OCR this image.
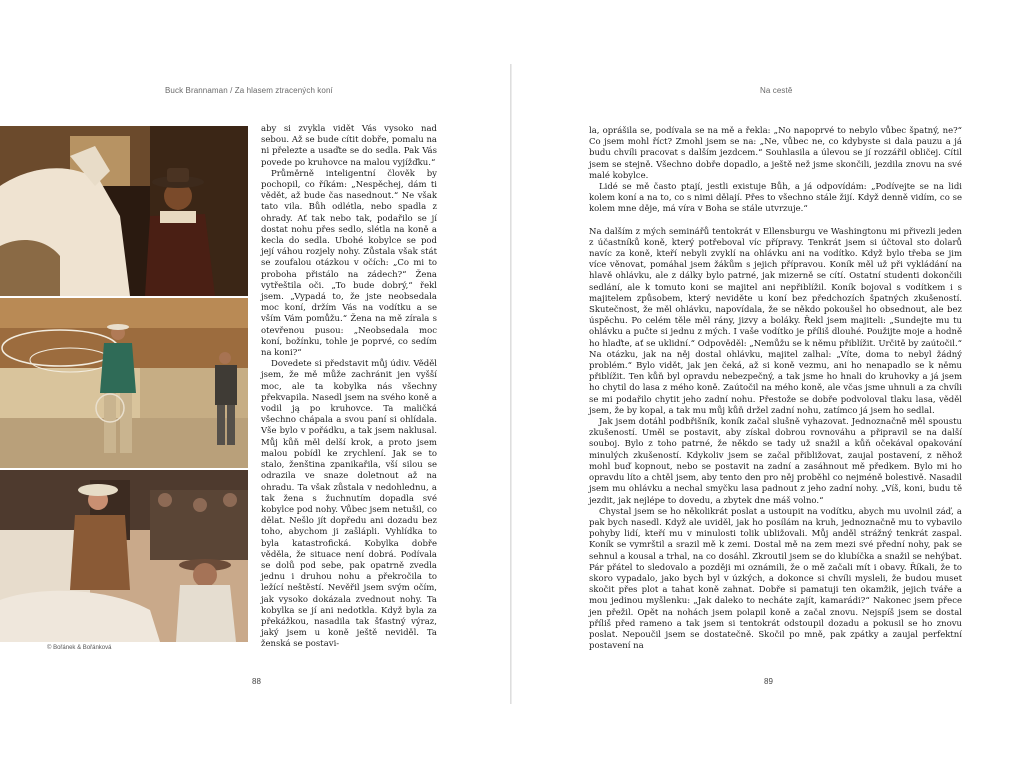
Buck Brannaman / Za hlasem ztracených koní	Na cestě
© Bořánek & Bořánková

aby si zvykla vidět Vás vysoko nad sebou. Až se bude cítit dobře, pomalu na ni přelezte a usaďte se do sedla. Pak Vás povede po kruhovce na malou vyjížďku.“

Průměrně inteligentní člověk by pochopil, co říkám: „Nespěchej, dám ti vědět, až bude čas nasednout.“ Ne však tato vila. Bůh odlétla, nebo spadla z ohrady. Ať tak nebo tak, podařilo se jí dostat nohu přes sedlo, slétla na koně a kecla do sedla. Ubohé kobylce se pod její váhou rozjely nohy. Zůstala však stát se zoufalou otázkou v očích: „Co mi to proboha přistálo na zádech?“ Žena vytřeštila oči. „To bude dobrý,“ řekl jsem. „Vypadá to, že jste neobsedala moc koní, držím Vás na vodítku a se vším Vám pomůžu.“ Žena na mě zírala s otevřenou pusou: „Neobsedala moc koní, božínku, tohle je poprvé, co sedím na koni?“

Dovedete si představit můj údiv. Věděl jsem, že mě může zachránit jen vyšší moc, ale ta kobylka nás všechny překvapila. Nasedl jsem na svého koně a vodil ją po kruhovce. Ta maličká všechno chápala a svou paní si ohlídala. Vše bylo v pořádku, a tak jsem naklusal. Můj kůň měl delší krok, a proto jsem malou pobídl ke zrychlení. Jak se to stalo, ženština zpanikařila, vší silou se odrazila ve snaze doletnout až na ohradu. Ta však zůstala v nedohlednu, a tak žena s žuchnutím dopadla své kobylce pod nohy. Vůbec jsem netušil, co dělat. Nešlo jít dopředu ani dozadu bez toho, abychom ji zašlápli. Vyhlídka to byla katastrofická. Kobylka dobře věděla, že situace není dobrá. Podívala se dolů pod sebe, pak opatrně zvedla jednu i druhou nohu a překročila to ležící neštěstí. Nevěřil jsem svým očím, jak vysoko dokázala zvednout nohy. Ta kobylka se jí ani nedotkla. Když byla za překážkou, nasadila tak šťastný výraz, jaký jsem u koně ještě neviděl. Ta ženská se postavi-

la, oprášila se, podívala se na mě a řekla: „No napoprvé to nebylo vůbec špatný, ne?“ Co jsem mohl říct? Zmohl jsem se na: „Ne, vůbec ne, co kdybyste si dala pauzu a já budu chvíli pracovat s dalším jezdcem.“ Souhlasila a úlevou se jí rozzářil obličej. Cítil jsem se stejně. Všechno dobře dopadlo, a ještě než jsme skončili, jezdila znovu na své malé kobylce.

Lidé se mě často ptají, jestli existuje Bůh, a já odpovídám: „Podívejte se na lidi kolem koní a na to, co s nimi dělají. Přes to všechno stále žijí. Když denně vidím, co se kolem mne děje, má víra v Boha se stále utvrzuje.“

Na dalším z mých seminářů tentokrát v Ellensburgu ve Washingtonu mi přivezli jeden z účastníků koně, který potřeboval víc přípravy. Tenkrát jsem si účtoval sto dolarů navíc za koně, kteří nebyli zvyklí na ohlávku ani na vodítko. Když bylo třeba se jim více věnovat, pomáhal jsem žákům s jejich přípravou. Koník měl už při vykládání na hlavě ohlávku, ale z dálky bylo patrné, jak mizerně se cítí. Ostatní studenti dokončili sedlání, ale k tomuto koni se majitel ani nepřiblížil. Koník bojoval s vodítkem i s majitelem způsobem, který neviděte u koní bez předchozích špatných zkušeností. Skutečnost, že měl ohlávku, napovídala, že se někdo pokoušel ho obsednout, ale bez úspěchu. Po celém těle měl rány, jizvy a boláky. Řekl jsem majiteli: „Sundejte mu tu ohlávku a pučte si jednu z mých. I vaše vodítko je příliš dlouhé. Použijte moje a hodně ho hlaďte, ať se uklidní.“ Odpověděl: „Nemůžu se k němu přiblížit. Určitě by zaútočil.“ Na otázku, jak na něj dostal ohlávku, majitel zalhal: „Víte, doma to nebyl žádný problém.“ Bylo vidět, jak jen čeká, až si koně vezmu, ani ho nenapadlo se k němu přiblížit. Ten kůň byl opravdu nebezpečný, a tak jsme ho hnali do kruhovky a já jsem ho chytil do lasa z mého koně. Zaútočil na mého koně, ale včas jsme uhnuli a za chvíli se mi podařilo chytit jeho zadní nohu. Přestože se dobře podvoloval tlaku lasa, věděl jsem, že by kopal, a tak mu můj kůň držel zadní nohu, zatímco já jsem ho sedlal.

Jak jsem dotáhl podbřišník, koník začal slušně vyhazovat. Jednoznačně měl spoustu zkušeností. Uměl se postavit, aby získal dobrou rovnováhu a připravil se na další souboj. Bylo z toho patrné, že někdo se tady už snažil a kůň očekával opakování minulých zkušeností. Kdykoliv jsem se začal přibližovat, zaujal postavení, z něhož mohl buď kopnout, nebo se postavit na zadní a zasáhnout mě předkem. Bylo mi ho opravdu líto a chtěl jsem, aby tento den pro něj proběhl co nejméně bolestivě. Nasadil jsem mu ohlávku a nechal smyčku lasa padnout z jeho zadní nohy. „Víš, koni, budu tě jezdit, jak nejlépe to dovedu, a zbytek dne máš volno.“

Chystal jsem se ho několikrát poslat a ustoupit na vodítku, abych mu uvolnil záď, a pak bych nasedl. Když ale uviděl, jak ho posílám na kruh, jednoznačně mu to vybavilo pohyby lidí, kteří mu v minulosti tolik ubližovali. Můj anděl strážný tenkrát zaspal. Koník se vymrštil a srazil mě k zemi. Dostal mě na zem mezi své přední nohy, pak se sehnul a kousal a trhal, na co dosáhl. Zkroutil jsem se do klubíčka a snažil se nehýbat. Pár přátel to sledovalo a později mi oznámili, že o mě začali mít i obavy. Říkali, že to skoro vypadalo, jako bych byl v úzkých, a dokonce si chvíli mysleli, že budou muset skočit přes plot a tahat koně zahnat. Dobře si pamatuji ten okamžik, jejich tváře a mou jedinou myšlenku: „Jak daleko to necháte zajít, kamarádi?“ Nakonec jsem přece jen přežil. Opět na nohách jsem polapil koně a začal znovu. Nejspíš jsem se dostal příliš před rameno a tak jsem si tentokrát odstoupil dozadu a pokusil se ho znovu poslat. Nepoučil jsem se dostatečně. Skočil po mně, pak zpátky a zaujal perfektní postavení na

88	89
